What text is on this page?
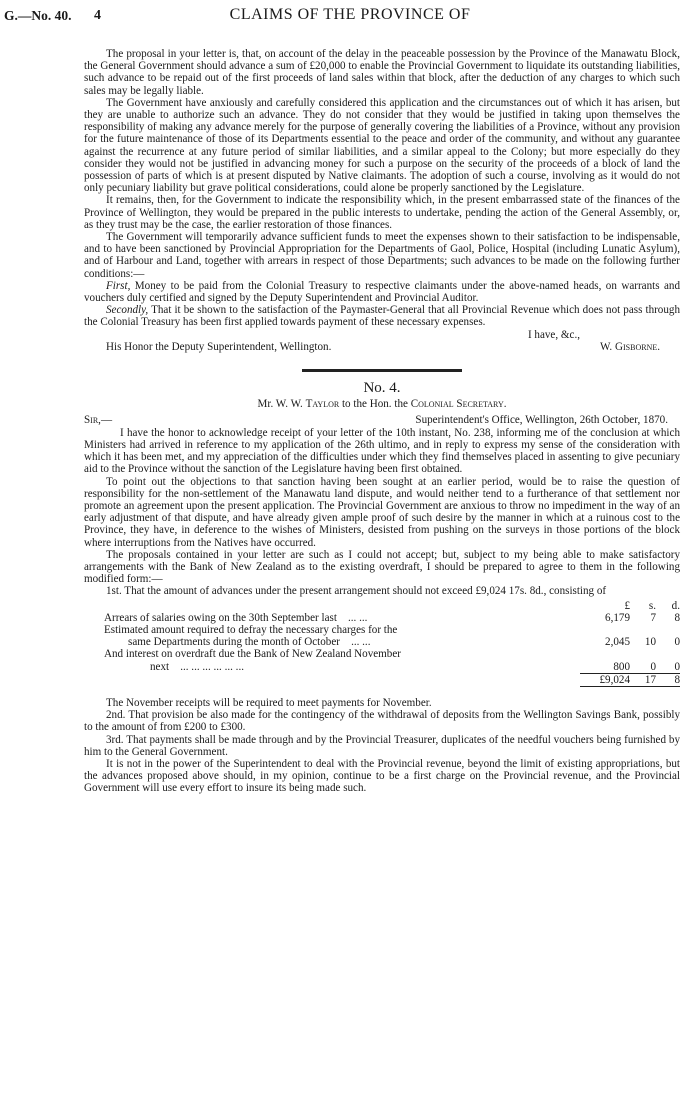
G.—No. 40. 4	CLAIMS OF THE PROVINCE OF

The proposal in your letter is, that, on account of the delay in the peaceable possession by the Province of the Manawatu Block, the General Government should advance a sum of £20,000 to enable the Provincial Government to liquidate its outstanding liabilities, such advance to be repaid out of the first proceeds of land sales within that block, after the deduction of any charges to which such sales may be legally liable.

The Government have anxiously and carefully considered this application and the circumstances out of which it has arisen, but they are unable to authorize such an advance. They do not consider that they would be justified in taking upon themselves the responsibility of making any advance merely for the purpose of generally covering the liabilities of a Province, without any provision for the future maintenance of those of its Departments essential to the peace and order of the community, and without any guarantee against the recurrence at any future period of similar liabilities, and a similar appeal to the Colony; but more especially do they consider they would not be justified in advancing money for such a purpose on the security of the proceeds of a block of land the possession of parts of which is at present disputed by Native claimants. The adoption of such a course, involving as it would do not only pecuniary liability but grave political considerations, could alone be properly sanctioned by the Legislature.

It remains, then, for the Government to indicate the responsibility which, in the present embarrassed state of the finances of the Province of Wellington, they would be prepared in the public interests to undertake, pending the action of the General Assembly, or, as they trust may be the case, the earlier restoration of those finances.

The Government will temporarily advance sufficient funds to meet the expenses shown to their satisfaction to be indispensable, and to have been sanctioned by Provincial Appropriation for the Departments of Gaol, Police, Hospital (including Lunatic Asylum), and of Harbour and Land, together with arrears in respect of those Departments; such advances to be made on the following further conditions:—

First, Money to be paid from the Colonial Treasury to respective claimants under the above-named heads, on warrants and vouchers duly certified and signed by the Deputy Superintendent and Provincial Auditor.

Secondly, That it be shown to the satisfaction of the Paymaster-General that all Provincial Revenue which does not pass through the Colonial Treasury has been first applied towards payment of these necessary expenses.

I have, &c.,
His Honor the Deputy Superintendent, Wellington.	W. Gisborne.
No. 4.
Mr. W. W. Taylor to the Hon. the Colonial Secretary.
Sir,—	Superintendent's Office, Wellington, 26th October, 1870.

I have the honor to acknowledge receipt of your letter of the 10th instant, No. 238, informing me of the conclusion at which Ministers had arrived in reference to my application of the 26th ultimo, and in reply to express my sense of the consideration with which it has been met, and my appreciation of the difficulties under which they find themselves placed in assenting to give pecuniary aid to the Province without the sanction of the Legislature having been first obtained.

To point out the objections to that sanction having been sought at an earlier period, would be to raise the question of responsibility for the non-settlement of the Manawatu land dispute, and would neither tend to a furtherance of that settlement nor promote an agreement upon the present application. The Provincial Government are anxious to throw no impediment in the way of an early adjustment of that dispute, and have already given ample proof of such desire by the manner in which at a ruinous cost to the Province, they have, in deference to the wishes of Ministers, desisted from pushing on the surveys in those portions of the block where interruptions from the Natives have occurred.

The proposals contained in your letter are such as I could not accept; but, subject to my being able to make satisfactory arrangements with the Bank of New Zealand as to the existing overdraft, I should be prepared to agree to them in the following modified form:—

1st. That the amount of advances under the present arrangement should not exceed £9,024 17s. 8d., consisting of

	£	s.	d.
Arrears of salaries owing on the 30th September last ... ...	6,179	7	8
Estimated amount required to defray the necessary charges for the			
same Departments during the month of October ... ...	2,045	10	0
And interest on overdraft due the Bank of New Zealand November			
next ... ... ... ... ... ...	800	0	0
	£9,024	17	8

The November receipts will be required to meet payments for November.

2nd. That provision be also made for the contingency of the withdrawal of deposits from the Wellington Savings Bank, possibly to the amount of from £200 to £300.

3rd. That payments shall be made through and by the Provincial Treasurer, duplicates of the needful vouchers being furnished by him to the General Government.

It is not in the power of the Superintendent to deal with the Provincial revenue, beyond the limit of existing appropriations, but the advances proposed above should, in my opinion, continue to be a first charge on the Provincial revenue, and the Provincial Government will use every effort to insure its being made such.
